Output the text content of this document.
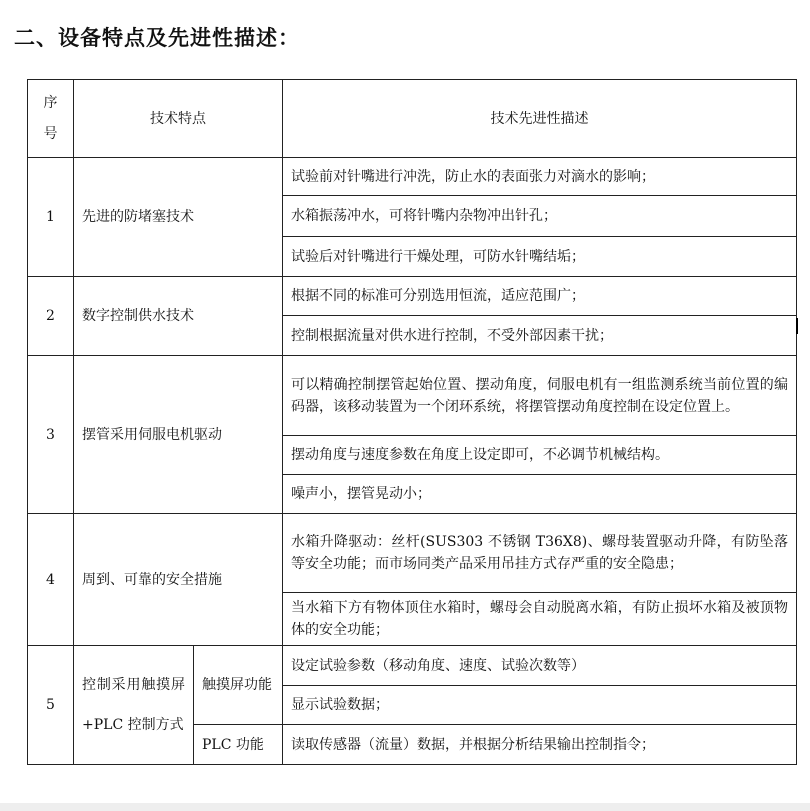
二、设备特点及先进性描述：
序号	技术特点		技术先进性描述
1	先进的防堵塞技术		试验前对针嘴进行冲洗，防止水的表面张力对滴水的影响；
			水箱振荡冲水，可将针嘴内杂物冲出针孔；
			试验后对针嘴进行干燥处理，可防水针嘴结垢；
2	数字控制供水技术		根据不同的标准可分别选用恒流，适应范围广；
			控制根据流量对供水进行控制，不受外部因素干扰；
3	摆管采用伺服电机驱动		可以精确控制摆管起始位置、摆动角度，伺服电机有一组监测系统当前位置的编码器，该移动装置为一个闭环系统，将摆管摆动角度控制在设定位置上。
			摆动角度与速度参数在角度上设定即可，不必调节机械结构。
			噪声小，摆管晃动小；
4	周到、可靠的安全措施		水箱升降驱动：丝杆(SUS303 不锈钢 T36X8)、螺母装置驱动升降，有防坠落等安全功能；而市场同类产品采用吊挂方式存严重的安全隐患；
			当水箱下方有物体顶住水箱时，螺母会自动脱离水箱，有防止损坏水箱及被顶物体的安全功能；
5	控制采用触摸屏+PLC 控制方式	触摸屏功能	设定试验参数（移动角度、速度、试验次数等）
			显示试验数据；
		PLC 功能	读取传感器（流量）数据，并根据分析结果输出控制指令；
